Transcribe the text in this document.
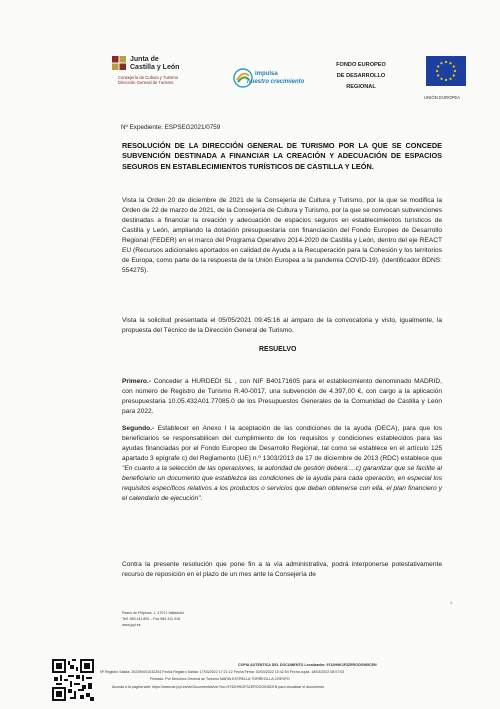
Junta de
Castilla y León
Consejería de Cultura y Turismo
Dirección General de Turismo
impulsa
nuestro crecimiento
FONDO EUROPEO
DE DESARROLLO
REGIONAL
UNIÓN EUROPEA
Nº Expediente: ESPSEG2021/0759
RESOLUCIÓN DE LA DIRECCIÓN GENERAL DE TURISMO POR LA QUE SE CONCEDE SUBVENCIÓN DESTINADA A FINANCIAR LA CREACIÓN Y ADECUACIÓN DE ESPACIOS SEGUROS EN ESTABLECIMIENTOS TURÍSTICOS DE CASTILLA Y LEÓN.
Vista la Orden 20 de diciembre de 2021 de la Consejería de Cultura y Turismo, por la que se modifica la Orden de 22 de marzo de 2021, de la Consejería de Cultura y Turismo, por la que se convocan subvenciones destinadas a financiar la creación y adecuación de espacios seguros en establecimientos turísticos de Castilla y León, ampliando la dotación presupuestaria con financiación del Fondo Europeo de Desarrollo Regional (FEDER) en el marco del Programa Operativo 2014-2020 de Castilla y León, dentro del eje REACT EU (Recursos adicionales aportados en calidad de Ayuda a la Recuperación para la Cohesión y los territorios de Europa, como parte de la respuesta de la Unión Europea a la pandemia COVID-19). (Identificador BDNS: 554275).
Vista la solicitud presentada el 05/05/2021 09:45:16 al amparo de la convocatoria y visto, igualmente, la propuesta del Técnico de la Dirección General de Turismo.
RESUELVO
Primero.- Conceder a HURDEDI SL , con NIF B40171605 para el establecimiento denominado MADRID, con número de Registro de Turismo R.40-0017, una subvención de 4.397,00 €, con cargo a la aplicación presupuestaria 10.05.432A01.77085.0 de los Presupuestos Generales de la Comunidad de Castilla y León para 2022.
Segundo.- Establecer en Anexo I la aceptación de las condiciones de la ayuda (DECA), para que los beneficiarios se responsabilicen del cumplimiento de los requisitos y condiciones establecidos para las ayudas financiadas por el Fondo Europeo de Desarrollo Regional, tal como se establece en el artículo 125 apartado 3 epígrafe c) del Reglamento (UE) n.º 1303/2013 de 17 de diciembre de 2013 (RDC) establece que "En cuanto a la selección de las operaciones, la autoridad de gestión deberá:…c) garantizar que se facilite al beneficiario un documento que establezca las condiciones de la ayuda para cada operación, en especial los requisitos específicos relativos a los productos o servicios que deban obtenerse con ella, el plan financiero y el calendario de ejecución".
Contra la presente resolución que pone fin a la vía administrativa, podrá interponerse potestativamente recurso de reposición en el plazo de un mes ante la Consejería de
1
Paseo de Filipinos, 1. 47071 Valladolid
Telf. 983 411 800 – Fax 983 411 018
www.jcyl.es
COPIA AUTENTICA DEL DOCUMENTO Localizador: 9742H9K2F3ZEROOGIN5CEN
Nº Registro Salida: 202290001032254 Fecha Registro Salida: 17/03/2022 17:21:12 Fecha Firma: 03/03/2022 10:42:54 Fecha copia: 18/03/2022 08:07:03
Firmado: Por Directora General de Turismo MARIA ESTRELLA TORRECILLA CRESPO
Acceda a la página web: https://www.ae.jcyl.es/verDocumentos/ver?loc=9742H9K2F3ZEROOGIN5CEN para visualizar el documento
